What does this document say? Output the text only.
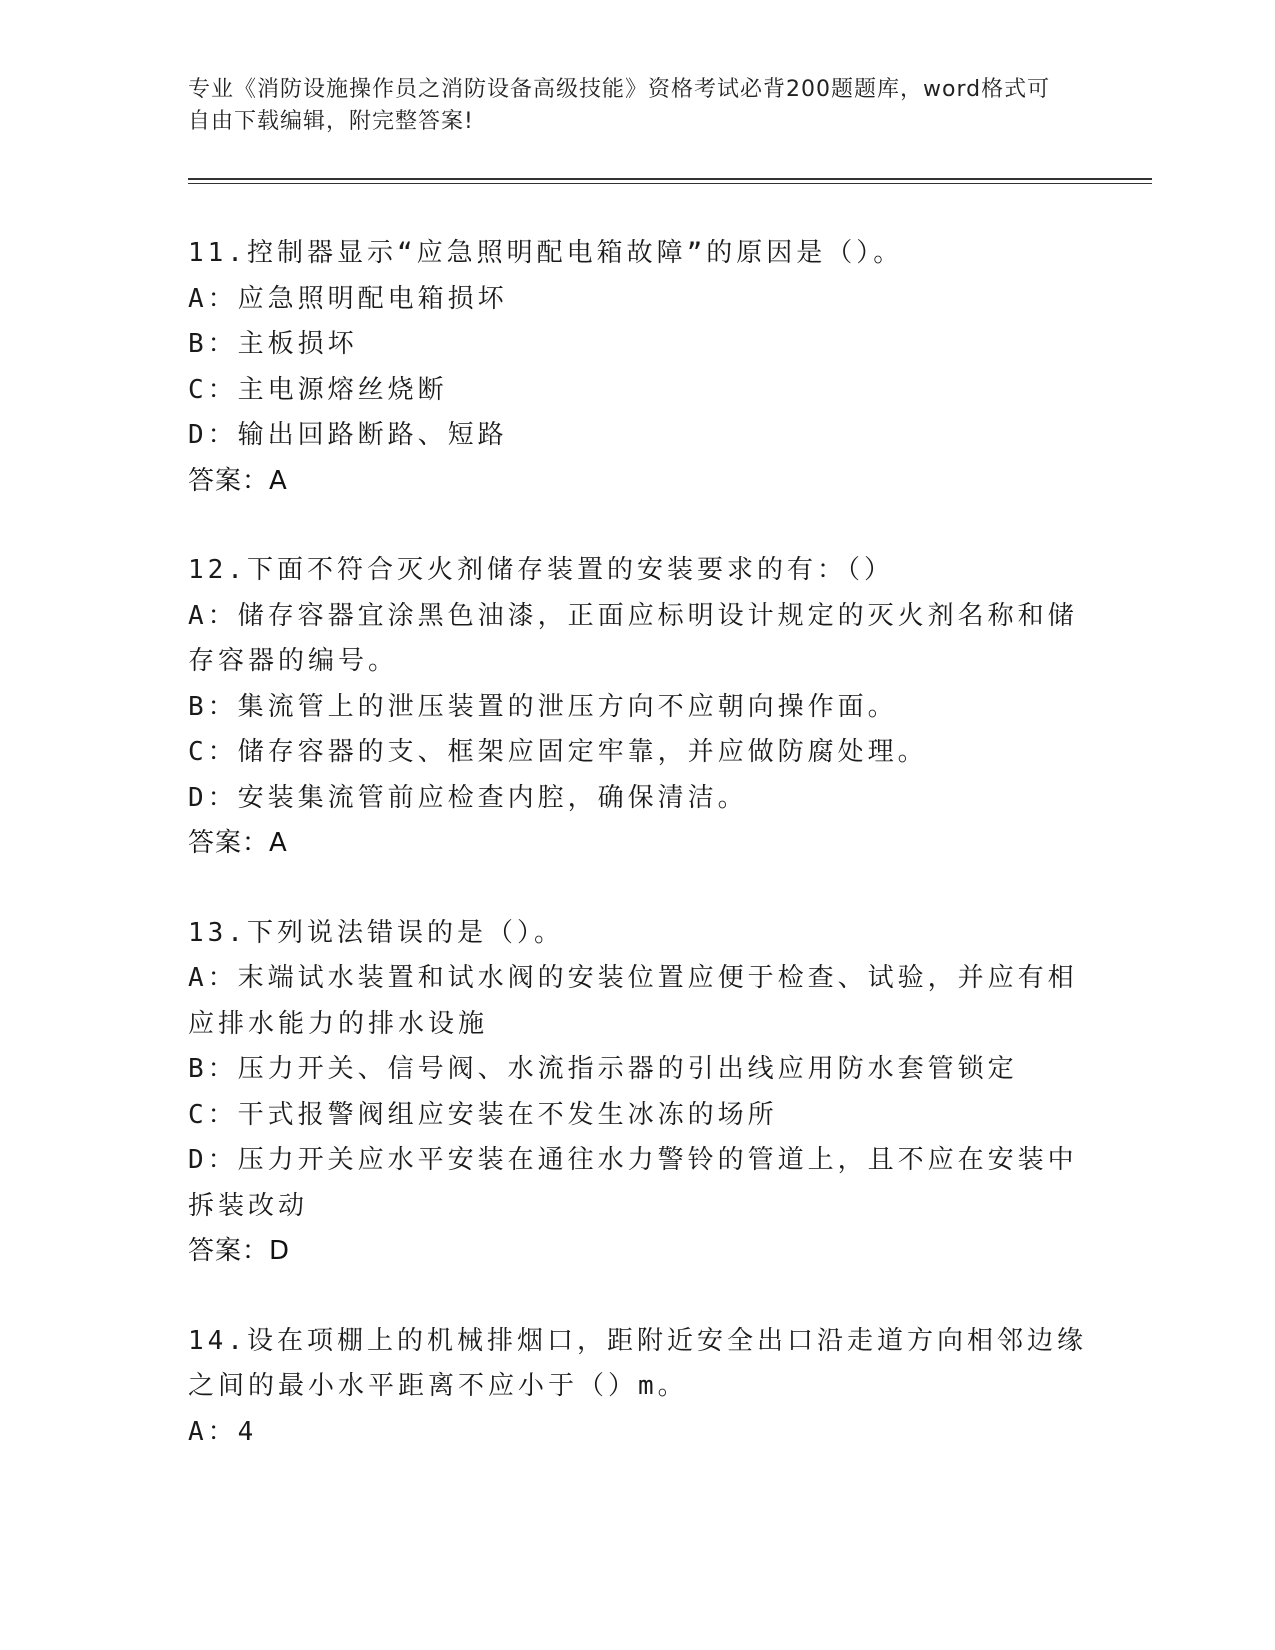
专业《消防设施操作员之消防设备高级技能》资格考试必背200题题库，word格式可自由下载编辑，附完整答案!
11.控制器显示“应急照明配电箱故障”的原因是（）。
A：应急照明配电箱损坏
B：主板损坏
C：主电源熔丝烧断
D：输出回路断路、短路
答案：A
12.下面不符合灭火剂储存装置的安装要求的有：（）
A：储存容器宜涂黑色油漆，正面应标明设计规定的灭火剂名称和储存容器的编号。
B：集流管上的泄压装置的泄压方向不应朝向操作面。
C：储存容器的支、框架应固定牢靠，并应做防腐处理。
D：安装集流管前应检查内腔，确保清洁。
答案：A
13.下列说法错误的是（）。
A：末端试水装置和试水阀的安装位置应便于检查、试验，并应有相应排水能力的排水设施
B：压力开关、信号阀、水流指示器的引出线应用防水套管锁定
C：干式报警阀组应安装在不发生冰冻的场所
D：压力开关应水平安装在通往水力警铃的管道上，且不应在安装中拆装改动
答案：D
14.设在项棚上的机械排烟口，距附近安全出口沿走道方向相邻边缘之间的最小水平距离不应小于（）m。
A：4
